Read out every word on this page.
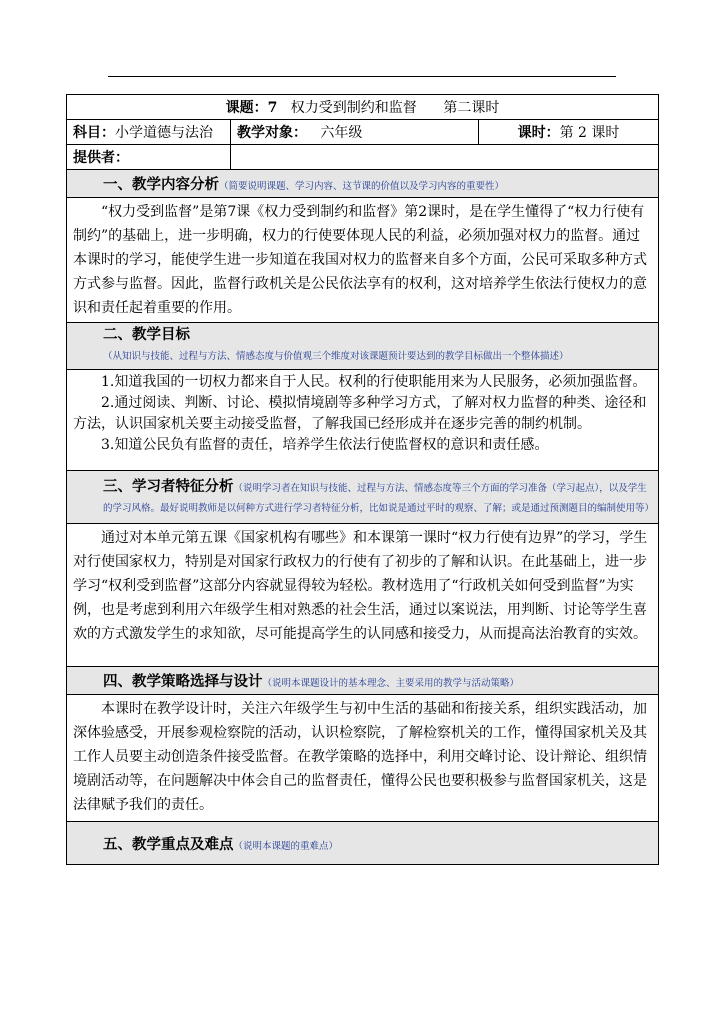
课题：7 权力受到制约和监督 第二课时		
科目：小学道德与法治	教学对象： 六年级	课时：第 2 课时
提供者：		
一、教学内容分析（简要说明课题、学习内容、这节课的价值以及学习内容的重要性）		

“权力受到监督”是第7课《权力受到制约和监督》第2课时，是在学生懂得了“权力行使有制约”的基础上，进一步明确，权力的行使要体现人民的利益，必须加强对权力的监督。通过本课时的学习，能使学生进一步知道在我国对权力的监督来自多个方面，公民可采取多种方式方式参与监督。因此，监督行政机关是公民依法享有的权利，这对培养学生依法行使权力的意识和责任起着重要的作用。		

二、教学目标（从知识与技能、过程与方法、情感态度与价值观三个维度对该课题预计要达到的教学目标做出一个整体描述）		

1.知道我国的一切权力都来自于人民。权利的行使职能用来为人民服务，必须加强监督。

2.通过阅读、判断、讨论、模拟情境剧等多种学习方式，了解对权力监督的种类、途径和方法，认识国家机关要主动接受监督，了解我国已经形成并在逐步完善的制约机制。

3.知道公民负有监督的责任，培养学生依法行使监督权的意识和责任感。		

三、学习者特征分析（说明学习者在知识与技能、过程与方法、情感态度等三个方面的学习准备（学习起点），以及学生的学习风格。最好说明教师是以何种方式进行学习者特征分析，比如说是通过平时的观察、了解；或是通过预测题目的编制使用等）		

通过对本单元第五课《国家机构有哪些》和本课第一课时“权力行使有边界”的学习，学生对行使国家权力，特别是对国家行政权力的行使有了初步的了解和认识。在此基础上，进一步学习“权利受到监督”这部分内容就显得较为轻松。教材选用了“行政机关如何受到监督”为实例，也是考虑到利用六年级学生相对熟悉的社会生活，通过以案说法，用判断、讨论等学生喜欢的方式激发学生的求知欲，尽可能提高学生的认同感和接受力，从而提高法治教育的实效。		

四、教学策略选择与设计（说明本课题设计的基本理念、主要采用的教学与活动策略）		

本课时在教学设计时，关注六年级学生与初中生活的基础和衔接关系，组织实践活动，加深体验感受，开展参观检察院的活动，认识检察院，了解检察机关的工作，懂得国家机关及其工作人员要主动创造条件接受监督。在教学策略的选择中，利用交峰讨论、设计辩论、组织情境剧活动等，在问题解决中体会自己的监督责任，懂得公民也要积极参与监督国家机关，这是法律赋予我们的责任。		

五、教学重点及难点（说明本课题的重难点）		
